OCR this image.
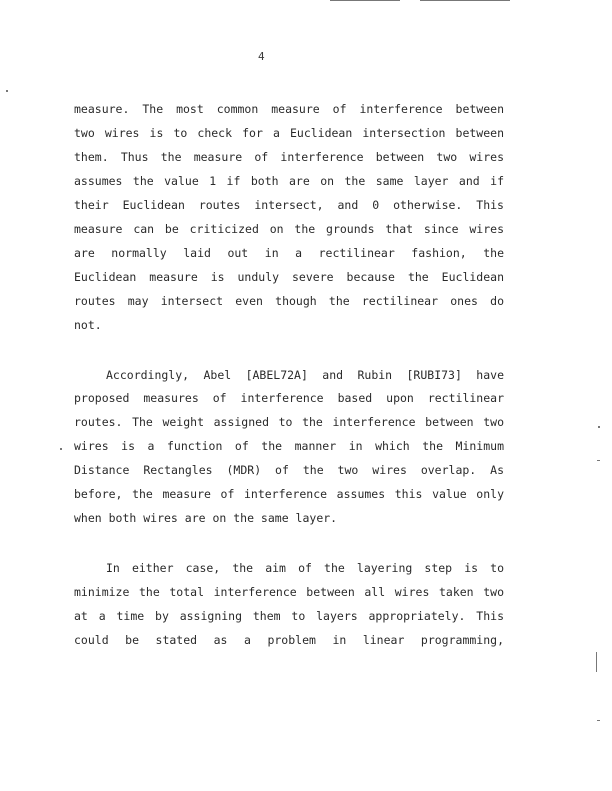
4
measure. The most common measure of interference between
two wires is to check for a Euclidean intersection between
them. Thus the measure of interference between two wires
assumes the value 1 if both are on the same layer and if
their Euclidean routes intersect, and 0 otherwise. This
measure can be criticized on the grounds that since wires
are normally laid out in a rectilinear fashion, the
Euclidean measure is unduly severe because the Euclidean
routes may intersect even though the rectilinear ones do
not.
Accordingly, Abel [ABEL72A] and Rubin [RUBI73] have
proposed measures of interference based upon rectilinear
routes. The weight assigned to the interference between two
wires is a function of the manner in which the Minimum
Distance Rectangles (MDR) of the two wires overlap. As
before, the measure of interference assumes this value only
when both wires are on the same layer.
In either case, the aim of the layering step is to
minimize the total interference between all wires taken two
at a time by assigning them to layers appropriately. This
could be stated as a problem in linear programming,
